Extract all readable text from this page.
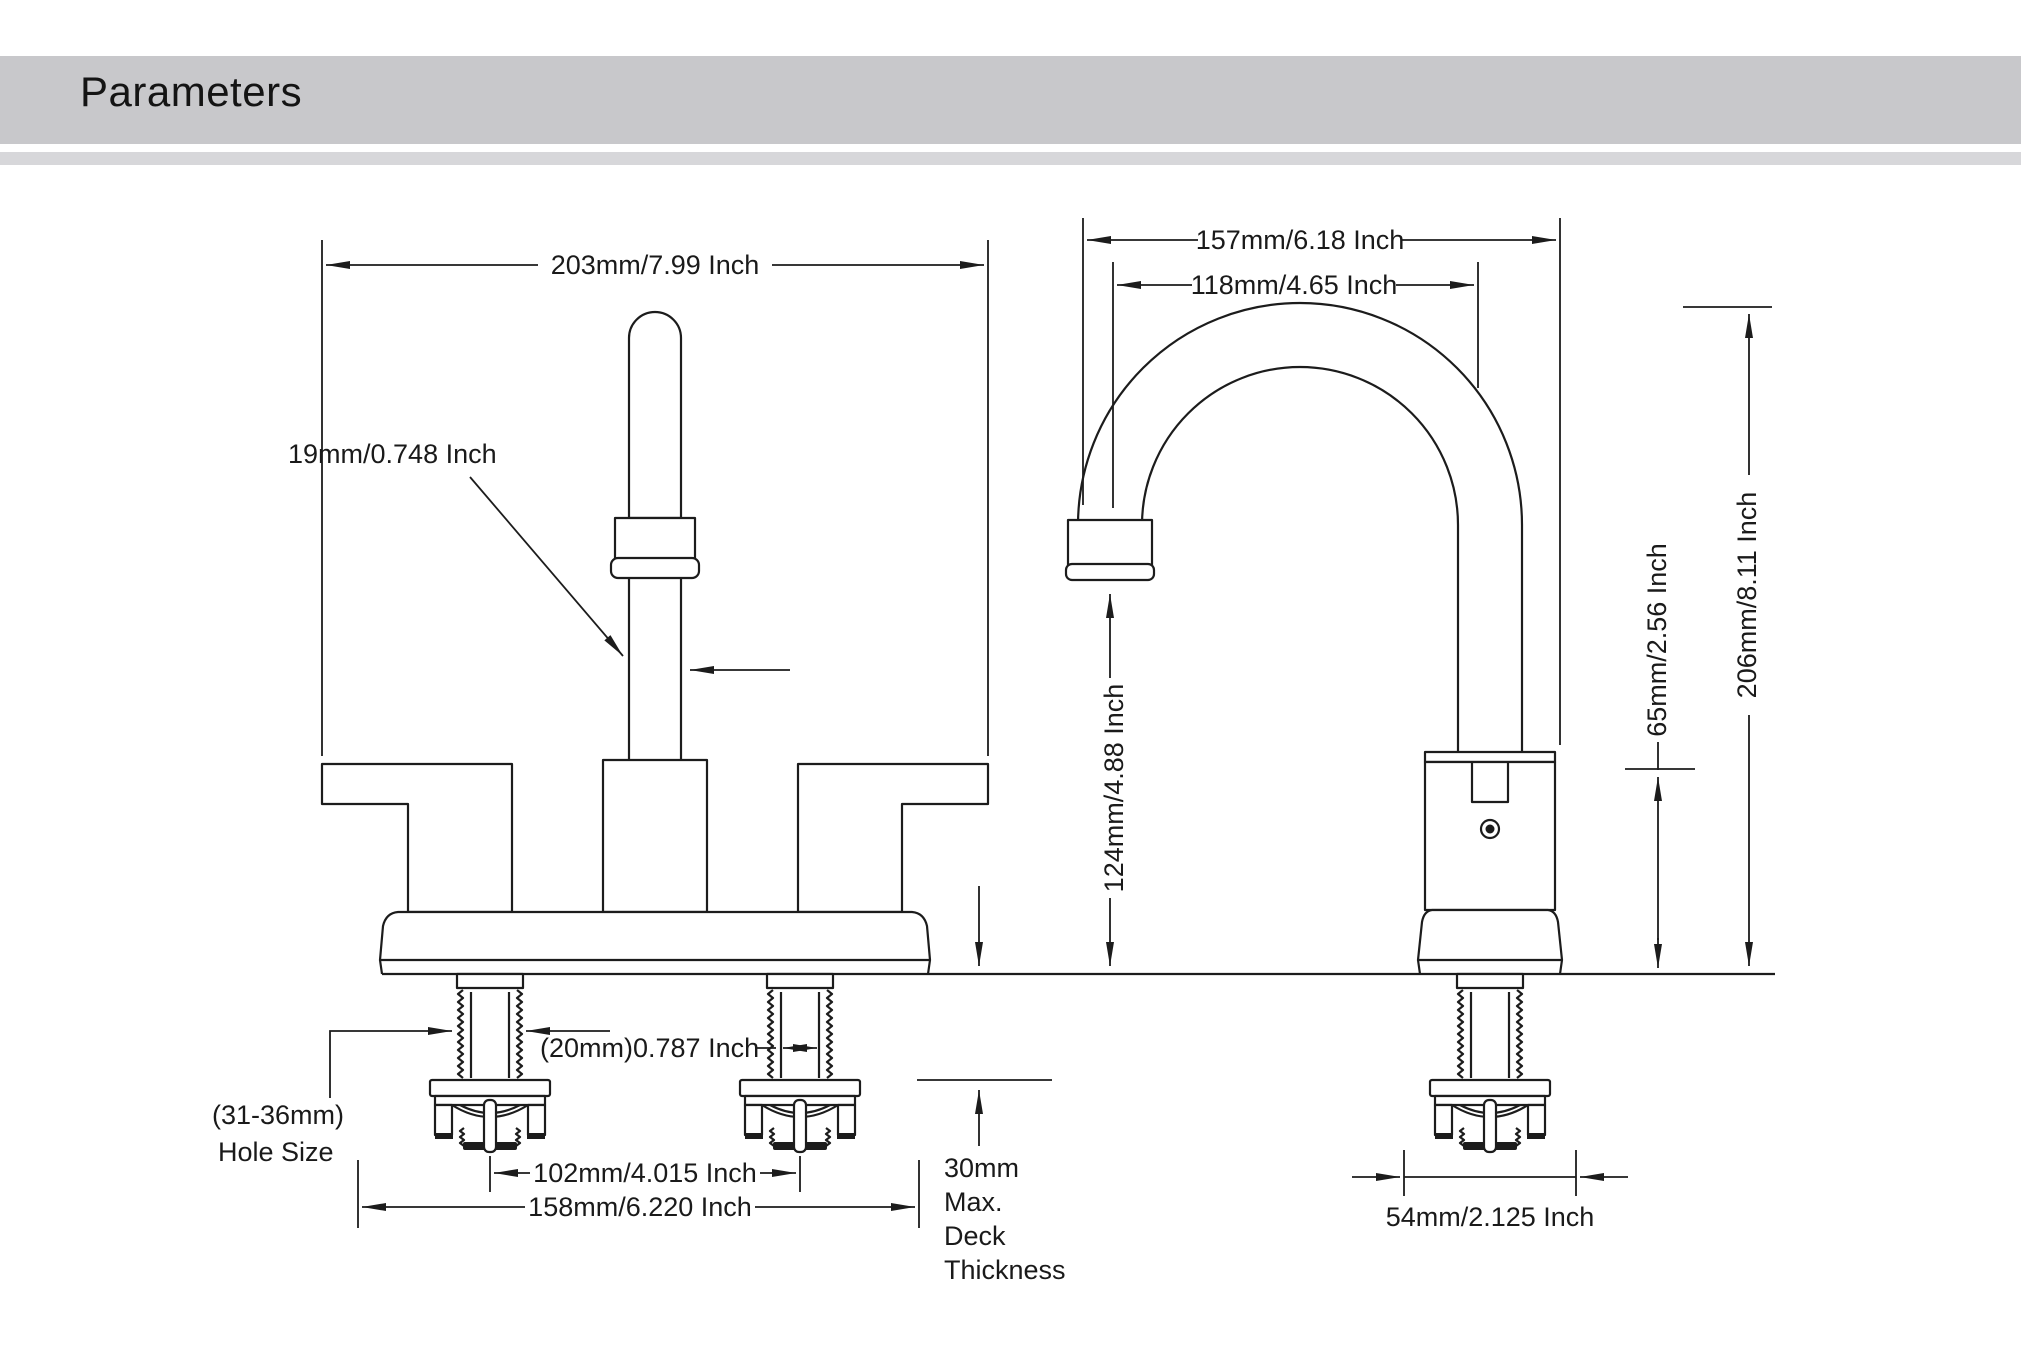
Parameters
203mm/7.99 Inch
19mm/0.748 Inch
(31-36mm)
Hole Size
(20mm)0.787 Inch
102mm/4.015 Inch
158mm/6.220 Inch
30mm
Max.
Deck
Thickness
157mm/6.18 Inch
118mm/4.65 Inch
124mm/4.88 Inch
65mm/2.56 Inch 206mm/8.11 Inch
54mm/2.125 Inch
